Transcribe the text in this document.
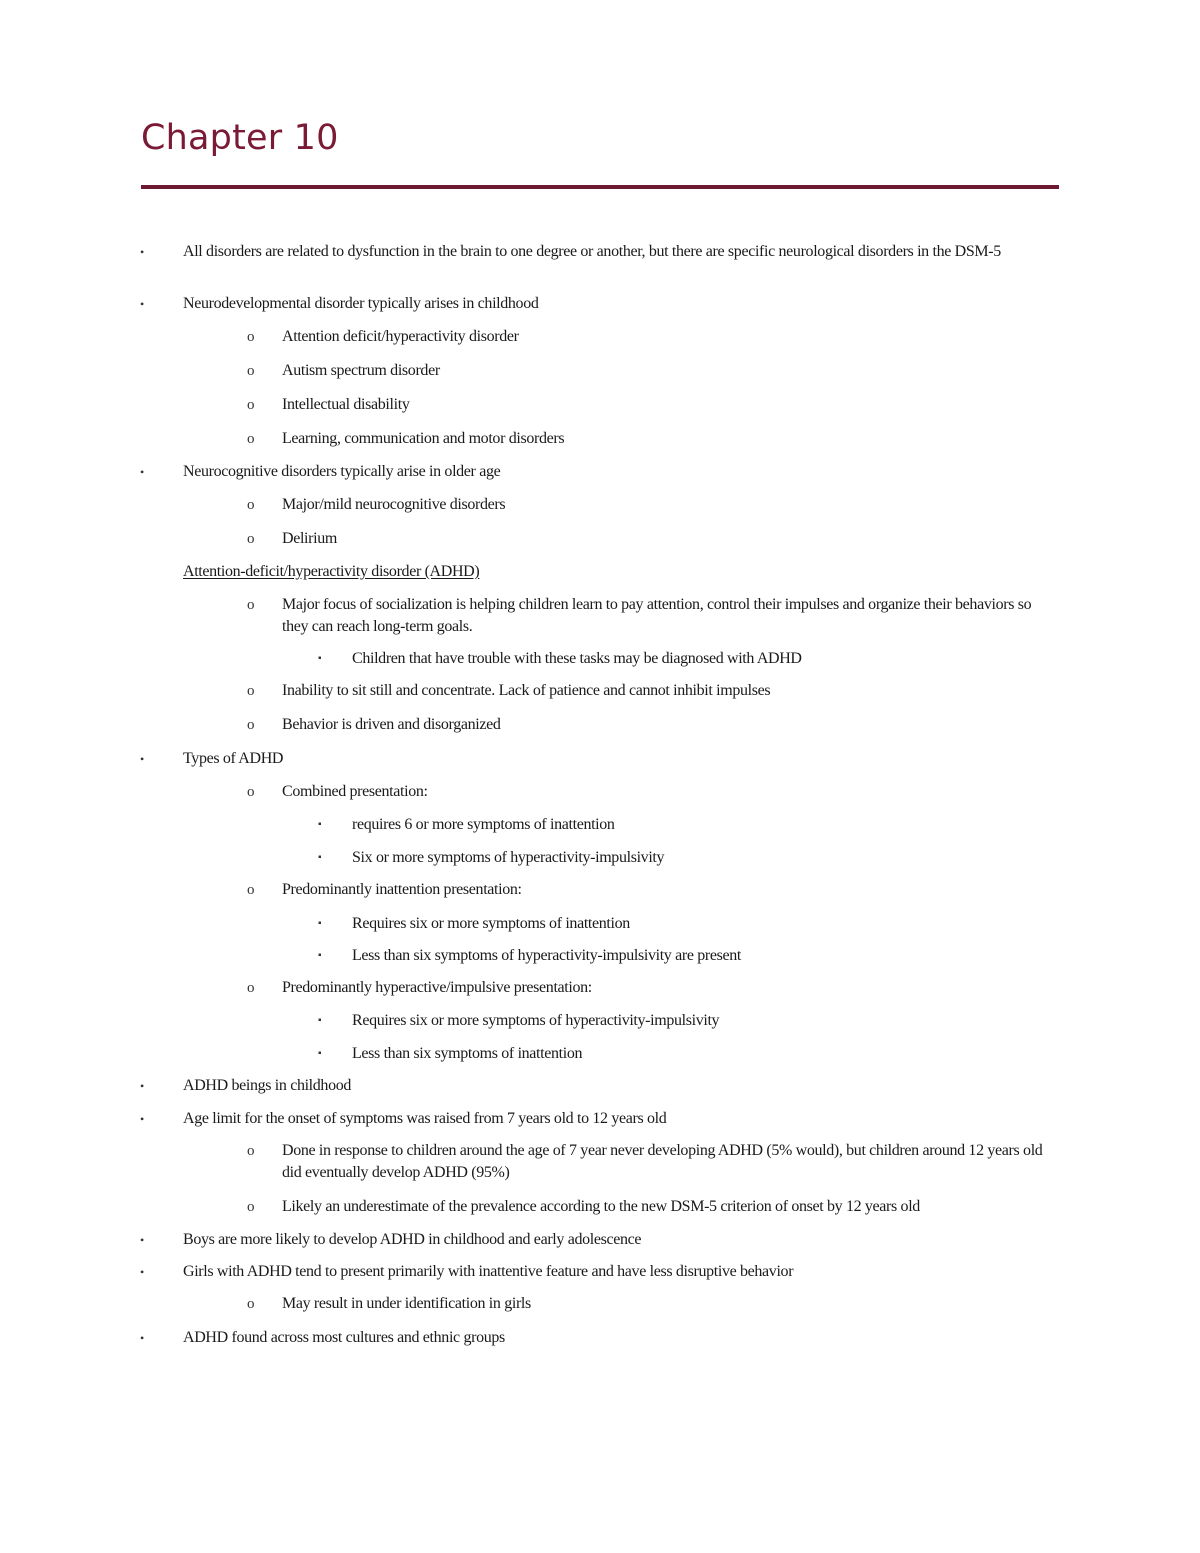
Chapter 10
• All disorders are related to dysfunction in the brain to one degree or another, but there are specific neurological disorders in the DSM-5
• Neurodevelopmental disorder typically arises in childhood
o Attention deficit/hyperactivity disorder
o Autism spectrum disorder
o Intellectual disability
o Learning, communication and motor disorders
• Neurocognitive disorders typically arise in older age
o Major/mild neurocognitive disorders
o Delirium
Attention-deficit/hyperactivity disorder (ADHD)
o Major focus of socialization is helping children learn to pay attention, control their impulses and organize their behaviors so they can reach long-term goals.
▪ Children that have trouble with these tasks may be diagnosed with ADHD
o Inability to sit still and concentrate. Lack of patience and cannot inhibit impulses
o Behavior is driven and disorganized
• Types of ADHD
o Combined presentation:
▪ requires 6 or more symptoms of inattention
▪ Six or more symptoms of hyperactivity-impulsivity
o Predominantly inattention presentation:
▪ Requires six or more symptoms of inattention
▪ Less than six symptoms of hyperactivity-impulsivity are present
o Predominantly hyperactive/impulsive presentation:
▪ Requires six or more symptoms of hyperactivity-impulsivity
▪ Less than six symptoms of inattention
• ADHD beings in childhood
• Age limit for the onset of symptoms was raised from 7 years old to 12 years old
o Done in response to children around the age of 7 year never developing ADHD (5% would), but children around 12 years old did eventually develop ADHD (95%)
o Likely an underestimate of the prevalence according to the new DSM-5 criterion of onset by 12 years old
• Boys are more likely to develop ADHD in childhood and early adolescence
• Girls with ADHD tend to present primarily with inattentive feature and have less disruptive behavior
o May result in under identification in girls
• ADHD found across most cultures and ethnic groups
